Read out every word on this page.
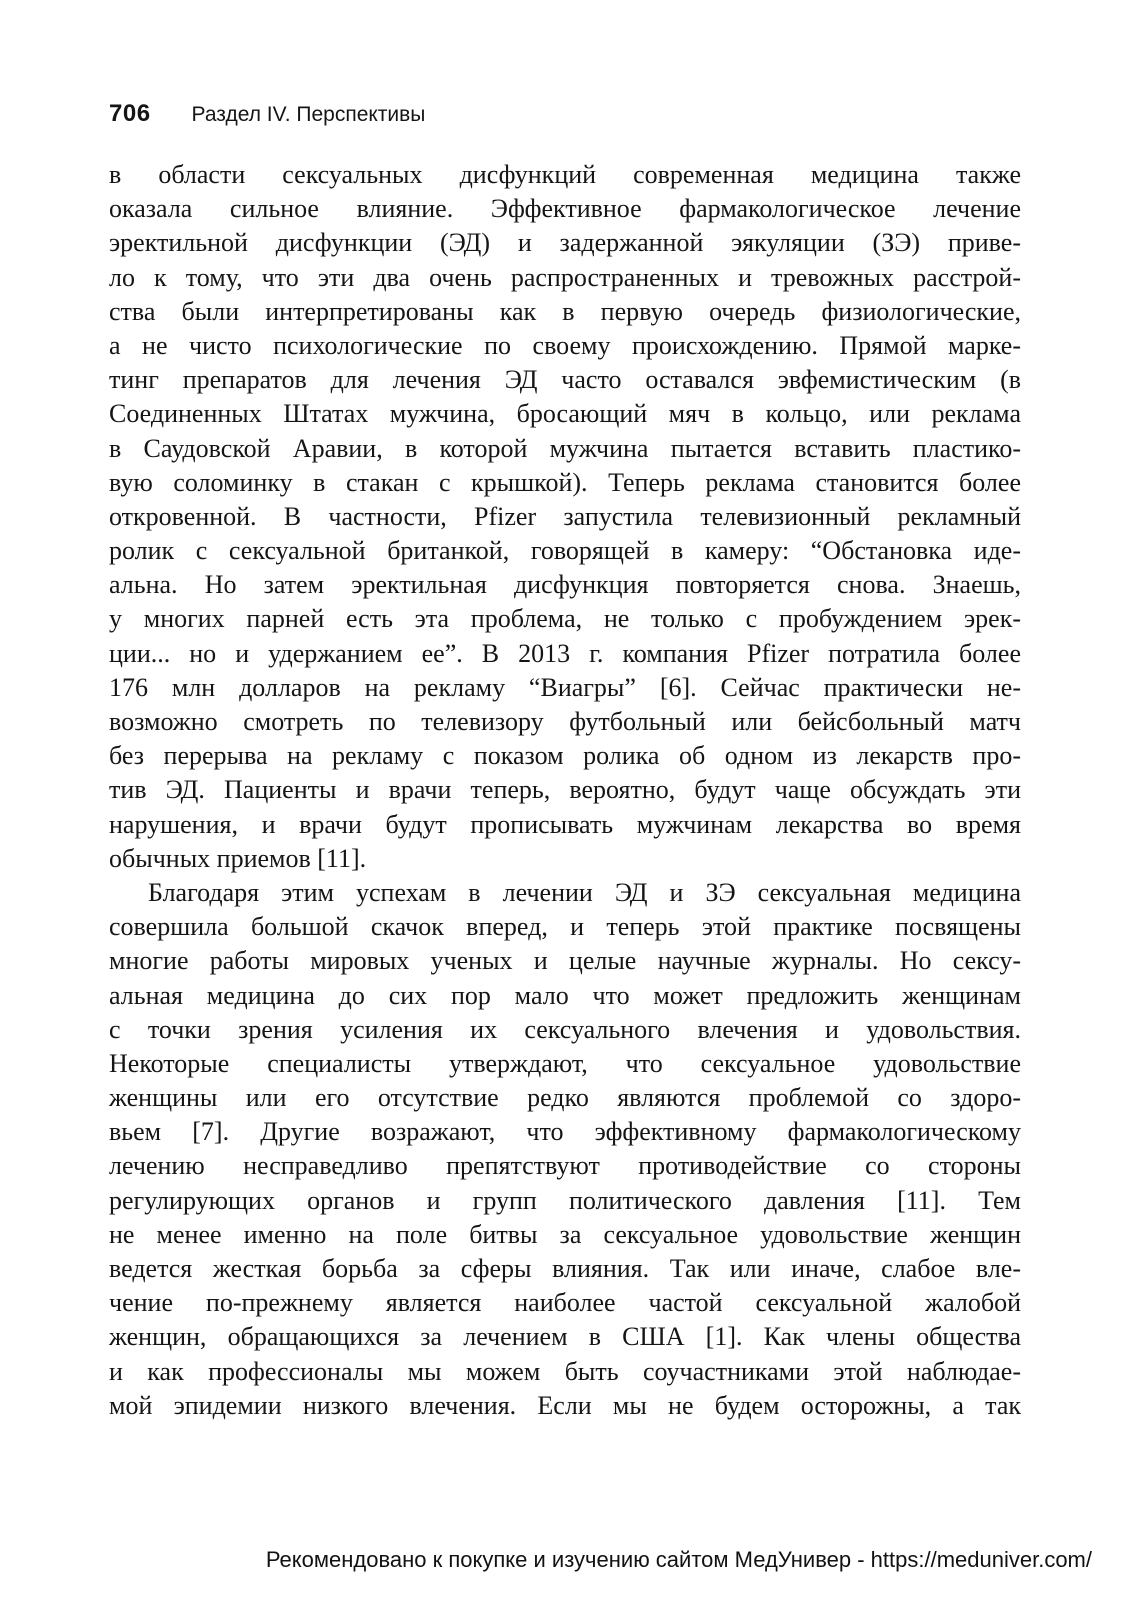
706 Раздел IV. Перспективы
в области сексуальных дисфункций современная медицина также
оказала сильное влияние. Эффективное фармакологическое лечение
эректильной дисфункции (ЭД) и задержанной эякуляции (ЗЭ) приве-
ло к тому, что эти два очень распространенных и тревожных расстрой-
ства были интерпретированы как в первую очередь физиологические,
а не чисто психологические по своему происхождению. Прямой марке-
тинг препаратов для лечения ЭД часто оставался эвфемистическим (в
Соединенных Штатах мужчина, бросающий мяч в кольцо, или реклама
в Саудовской Аравии, в которой мужчина пытается вставить пластико-
вую соломинку в стакан с крышкой). Теперь реклама становится более
откровенной. В частности, Pfizer запустила телевизионный рекламный
ролик с сексуальной британкой, говорящей в камеру: “Обстановка иде-
альна. Но затем эректильная дисфункция повторяется снова. Знаешь,
у многих парней есть эта проблема, не только с пробуждением эрек-
ции... но и удержанием ее”. В 2013 г. компания Pfizer потратила более
176 млн долларов на рекламу “Виагры” [6]. Сейчас практически не-
возможно смотреть по телевизору футбольный или бейсбольный матч
без перерыва на рекламу с показом ролика об одном из лекарств про-
тив ЭД. Пациенты и врачи теперь, вероятно, будут чаще обсуждать эти
нарушения, и врачи будут прописывать мужчинам лекарства во время
обычных приемов [11].
Благодаря этим успехам в лечении ЭД и ЗЭ сексуальная медицина
совершила большой скачок вперед, и теперь этой практике посвящены
многие работы мировых ученых и целые научные журналы. Но сексу-
альная медицина до сих пор мало что может предложить женщинам
с точки зрения усиления их сексуального влечения и удовольствия.
Некоторые специалисты утверждают, что сексуальное удовольствие
женщины или его отсутствие редко являются проблемой со здоро-
вьем [7]. Другие возражают, что эффективному фармакологическому
лечению несправедливо препятствуют противодействие со стороны
регулирующих органов и групп политического давления [11]. Тем
не менее именно на поле битвы за сексуальное удовольствие женщин
ведется жесткая борьба за сферы влияния. Так или иначе, слабое вле-
чение по-прежнему является наиболее частой сексуальной жалобой
женщин, обращающихся за лечением в США [1]. Как члены общества
и как профессионалы мы можем быть соучастниками этой наблюдае-
мой эпидемии низкого влечения. Если мы не будем осторожны, а так
Рекомендовано к покупке и изучению сайтом МедУнивер - https://meduniver.com/
